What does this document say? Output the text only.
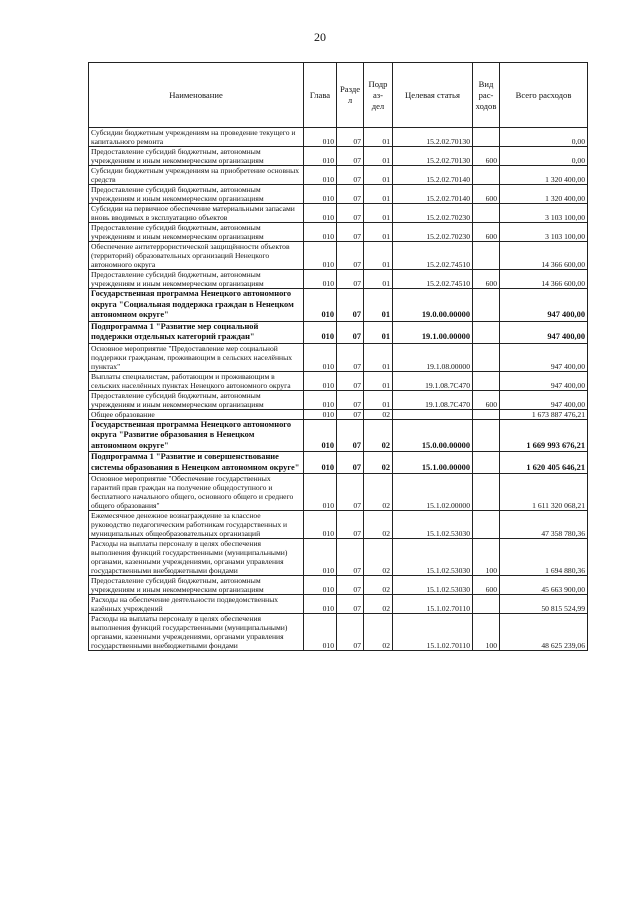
20
Наименование	Глава	Разде л	Подр аз- дел	Целевая статья	Вид рас- ходов	Всего расходов
Субсидии бюджетным учреждениям на проведение текущего и капитального ремонта	010	07	01	15.2.02.70130		0,00
Предоставление субсидий бюджетным, автономным учреждениям и иным некоммерческим организациям	010	07	01	15.2.02.70130	600	0,00
Субсидии бюджетным учреждениям на приобретение основных средств	010	07	01	15.2.02.70140		1 320 400,00
Предоставление субсидий бюджетным, автономным учреждениям и иным некоммерческим организациям	010	07	01	15.2.02.70140	600	1 320 400,00
Субсидии на первичное обеспечение материальными запасами вновь вводимых в эксплуатацию объектов	010	07	01	15.2.02.70230		3 103 100,00
Предоставление субсидий бюджетным, автономным учреждениям и иным некоммерческим организациям	010	07	01	15.2.02.70230	600	3 103 100,00
Обеспечение антитеррористической защищённости объектов (территорий) образовательных организаций Ненецкого автономного округа	010	07	01	15.2.02.74510		14 366 600,00
Предоставление субсидий бюджетным, автономным учреждениям и иным некоммерческим организациям	010	07	01	15.2.02.74510	600	14 366 600,00
Государственная программа Ненецкого автономного округа "Социальная поддержка граждан в Ненецком автономном округе"	010	07	01	19.0.00.00000		947 400,00
Подпрограмма 1 "Развитие мер социальной поддержки отдельных категорий граждан"	010	07	01	19.1.00.00000		947 400,00
Основное мероприятие "Предоставление мер социальной поддержки гражданам, проживающим в сельских населённых пунктах"	010	07	01	19.1.08.00000		947 400,00
Выплаты специалистам, работающим и проживающим в сельских населённых пунктах Ненецкого автономного округа	010	07	01	19.1.08.7С470		947 400,00
Предоставление субсидий бюджетным, автономным учреждениям и иным некоммерческим организациям	010	07	01	19.1.08.7С470	600	947 400,00
Общее образование	010	07	02			1 673 887 476,21
Государственная программа Ненецкого автономного округа "Развитие образования в Ненецком автономном округе"	010	07	02	15.0.00.00000		1 669 993 676,21
Подпрограмма 1 "Развитие и совершенствование системы образования в Ненецком автономном округе"	010	07	02	15.1.00.00000		1 620 405 646,21
Основное мероприятие "Обеспечение государственных гарантий прав граждан на получение общедоступного и бесплатного начального общего, основного общего и среднего общего образования"	010	07	02	15.1.02.00000		1 611 320 068,21
Ежемесячное денежное вознаграждение за классное руководство педагогическим работникам государственных и муниципальных общеобразовательных организаций	010	07	02	15.1.02.53030		47 358 780,36
Расходы на выплаты персоналу в целях обеспечения выполнения функций государственными (муниципальными) органами, казенными учреждениями, органами управления государственными внебюджетными фондами	010	07	02	15.1.02.53030	100	1 694 880,36
Предоставление субсидий бюджетным, автономным учреждениям и иным некоммерческим организациям	010	07	02	15.1.02.53030	600	45 663 900,00
Расходы на обеспечение деятельности подведомственных казённых учреждений	010	07	02	15.1.02.70110		50 815 524,99
Расходы на выплаты персоналу в целях обеспечения выполнения функций государственными (муниципальными) органами, казенными учреждениями, органами управления государственными внебюджетными фондами	010	07	02	15.1.02.70110	100	48 625 239,06
